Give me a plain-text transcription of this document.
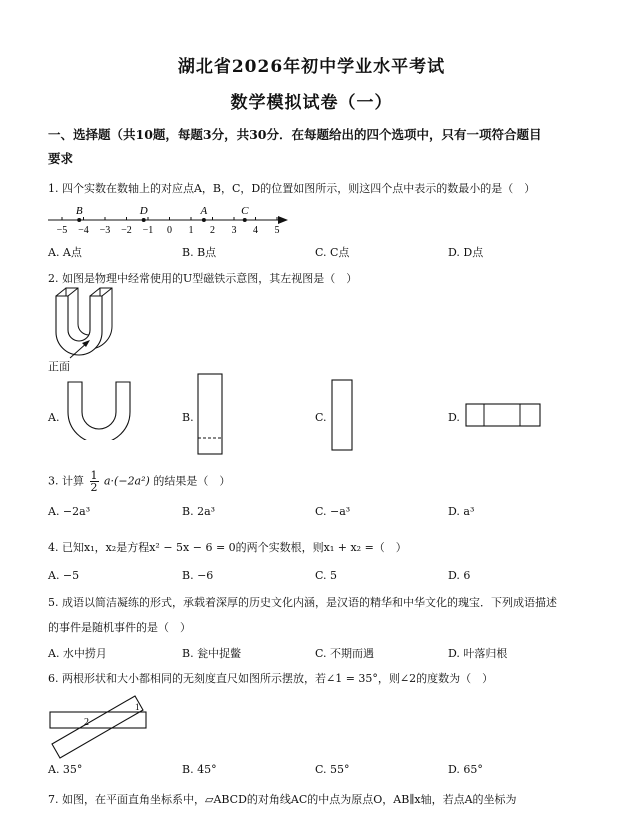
湖北省2026年初中学业水平考试
数学模拟试卷（一）
一、选择题（共10题，每题3分，共30分．在每题给出的四个选项中，只有一项符合题目
要求
1. 四个实数在数轴上的对应点A，B，C，D的位置如图所示，则这四个点中表示的数最小的是（　）
−5 −4 −3 −2 −1 0 1 2 3 4 5
B	D	A	C
A. A点	B. B点	C. C点	D. D点
2. 如图是物理中经常使用的U型磁铁示意图，其左视图是（　）
正面
A.	B.	C.	D.
3. 计算 $\frac{1}{2} a\cdot(-2a^2)$ 的结果是（　）
A. −2a³	B. 2a³	C. −a³	D. a³
4. 已知x₁，x₂是方程x² − 5x − 6 = 0的两个实数根，则x₁ + x₂ =（　）
A. −5	B. −6	C. 5	D. 6
5. 成语以简洁凝练的形式，承载着深厚的历史文化内涵，是汉语的精华和中华文化的瑰宝．下列成语描述
的事件是随机事件的是（　）
A. 水中捞月	B. 瓮中捉鳖	C. 不期而遇	D. 叶落归根
6. 两根形状和大小都相同的无刻度直尺如图所示摆放，若∠1 = 35°，则∠2的度数为（　）
2
1
A. 35°	B. 45°	C. 55°	D. 65°
7. 如图，在平面直角坐标系中，▱ABCD的对角线AC的中点为原点O，AB∥x轴，若点A的坐标为
